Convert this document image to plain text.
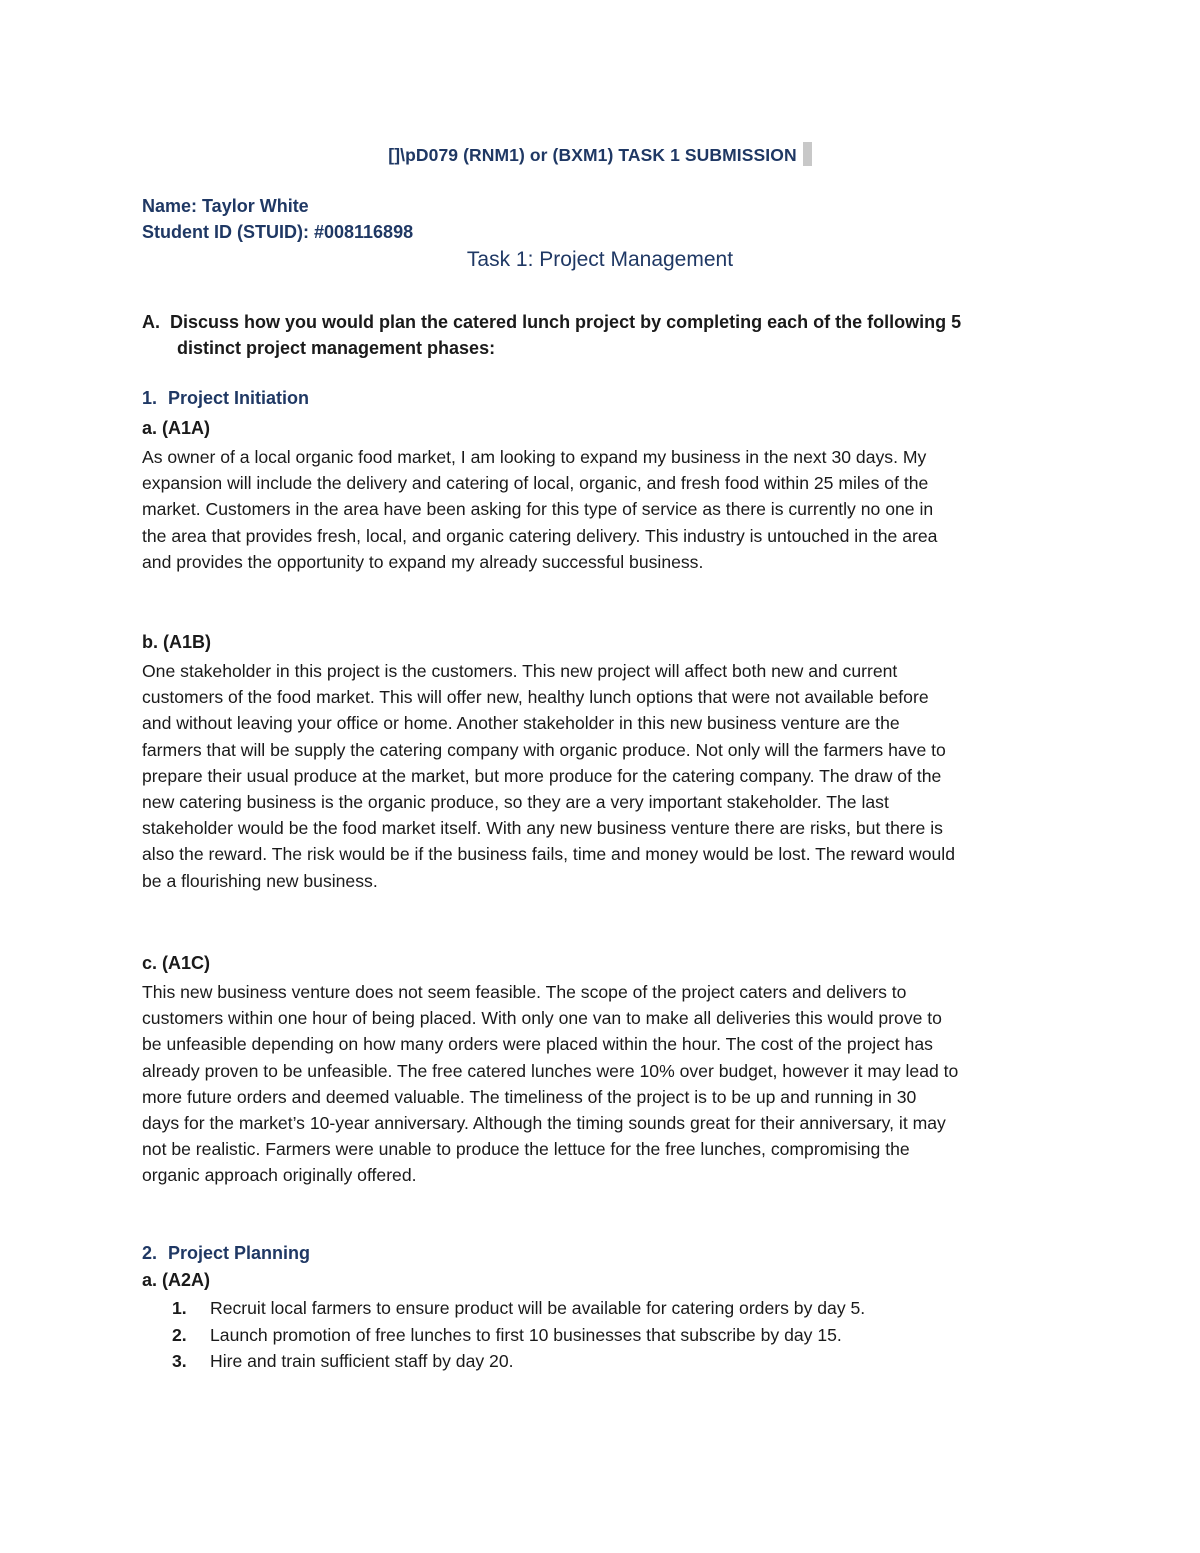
[]\pD079 (RNM1) or (BXM1) TASK 1 SUBMISSION
Name: Taylor White
Student ID (STUID): #008116898
Task 1: Project Management
A. Discuss how you would plan the catered lunch project by completing each of the following 5
distinct project management phases:
1. Project Initiation
a. (A1A)
As owner of a local organic food market, I am looking to expand my business in the next 30 days. My
expansion will include the delivery and catering of local, organic, and fresh food within 25 miles of the
market. Customers in the area have been asking for this type of service as there is currently no one in
the area that provides fresh, local, and organic catering delivery. This industry is untouched in the area
and provides the opportunity to expand my already successful business.
b. (A1B)
One stakeholder in this project is the customers. This new project will affect both new and current
customers of the food market. This will offer new, healthy lunch options that were not available before
and without leaving your office or home. Another stakeholder in this new business venture are the
farmers that will be supply the catering company with organic produce. Not only will the farmers have to
prepare their usual produce at the market, but more produce for the catering company. The draw of the
new catering business is the organic produce, so they are a very important stakeholder. The last
stakeholder would be the food market itself. With any new business venture there are risks, but there is
also the reward. The risk would be if the business fails, time and money would be lost. The reward would
be a flourishing new business.
c. (A1C)
This new business venture does not seem feasible. The scope of the project caters and delivers to
customers within one hour of being placed. With only one van to make all deliveries this would prove to
be unfeasible depending on how many orders were placed within the hour. The cost of the project has
already proven to be unfeasible. The free catered lunches were 10% over budget, however it may lead to
more future orders and deemed valuable. The timeliness of the project is to be up and running in 30
days for the market’s 10-year anniversary. Although the timing sounds great for their anniversary, it may
not be realistic. Farmers were unable to produce the lettuce for the free lunches, compromising the
organic approach originally offered.
2. Project Planning
a. (A2A)
1. Recruit local farmers to ensure product will be available for catering orders by day 5.
2. Launch promotion of free lunches to first 10 businesses that subscribe by day 15.
3. Hire and train sufficient staff by day 20.
